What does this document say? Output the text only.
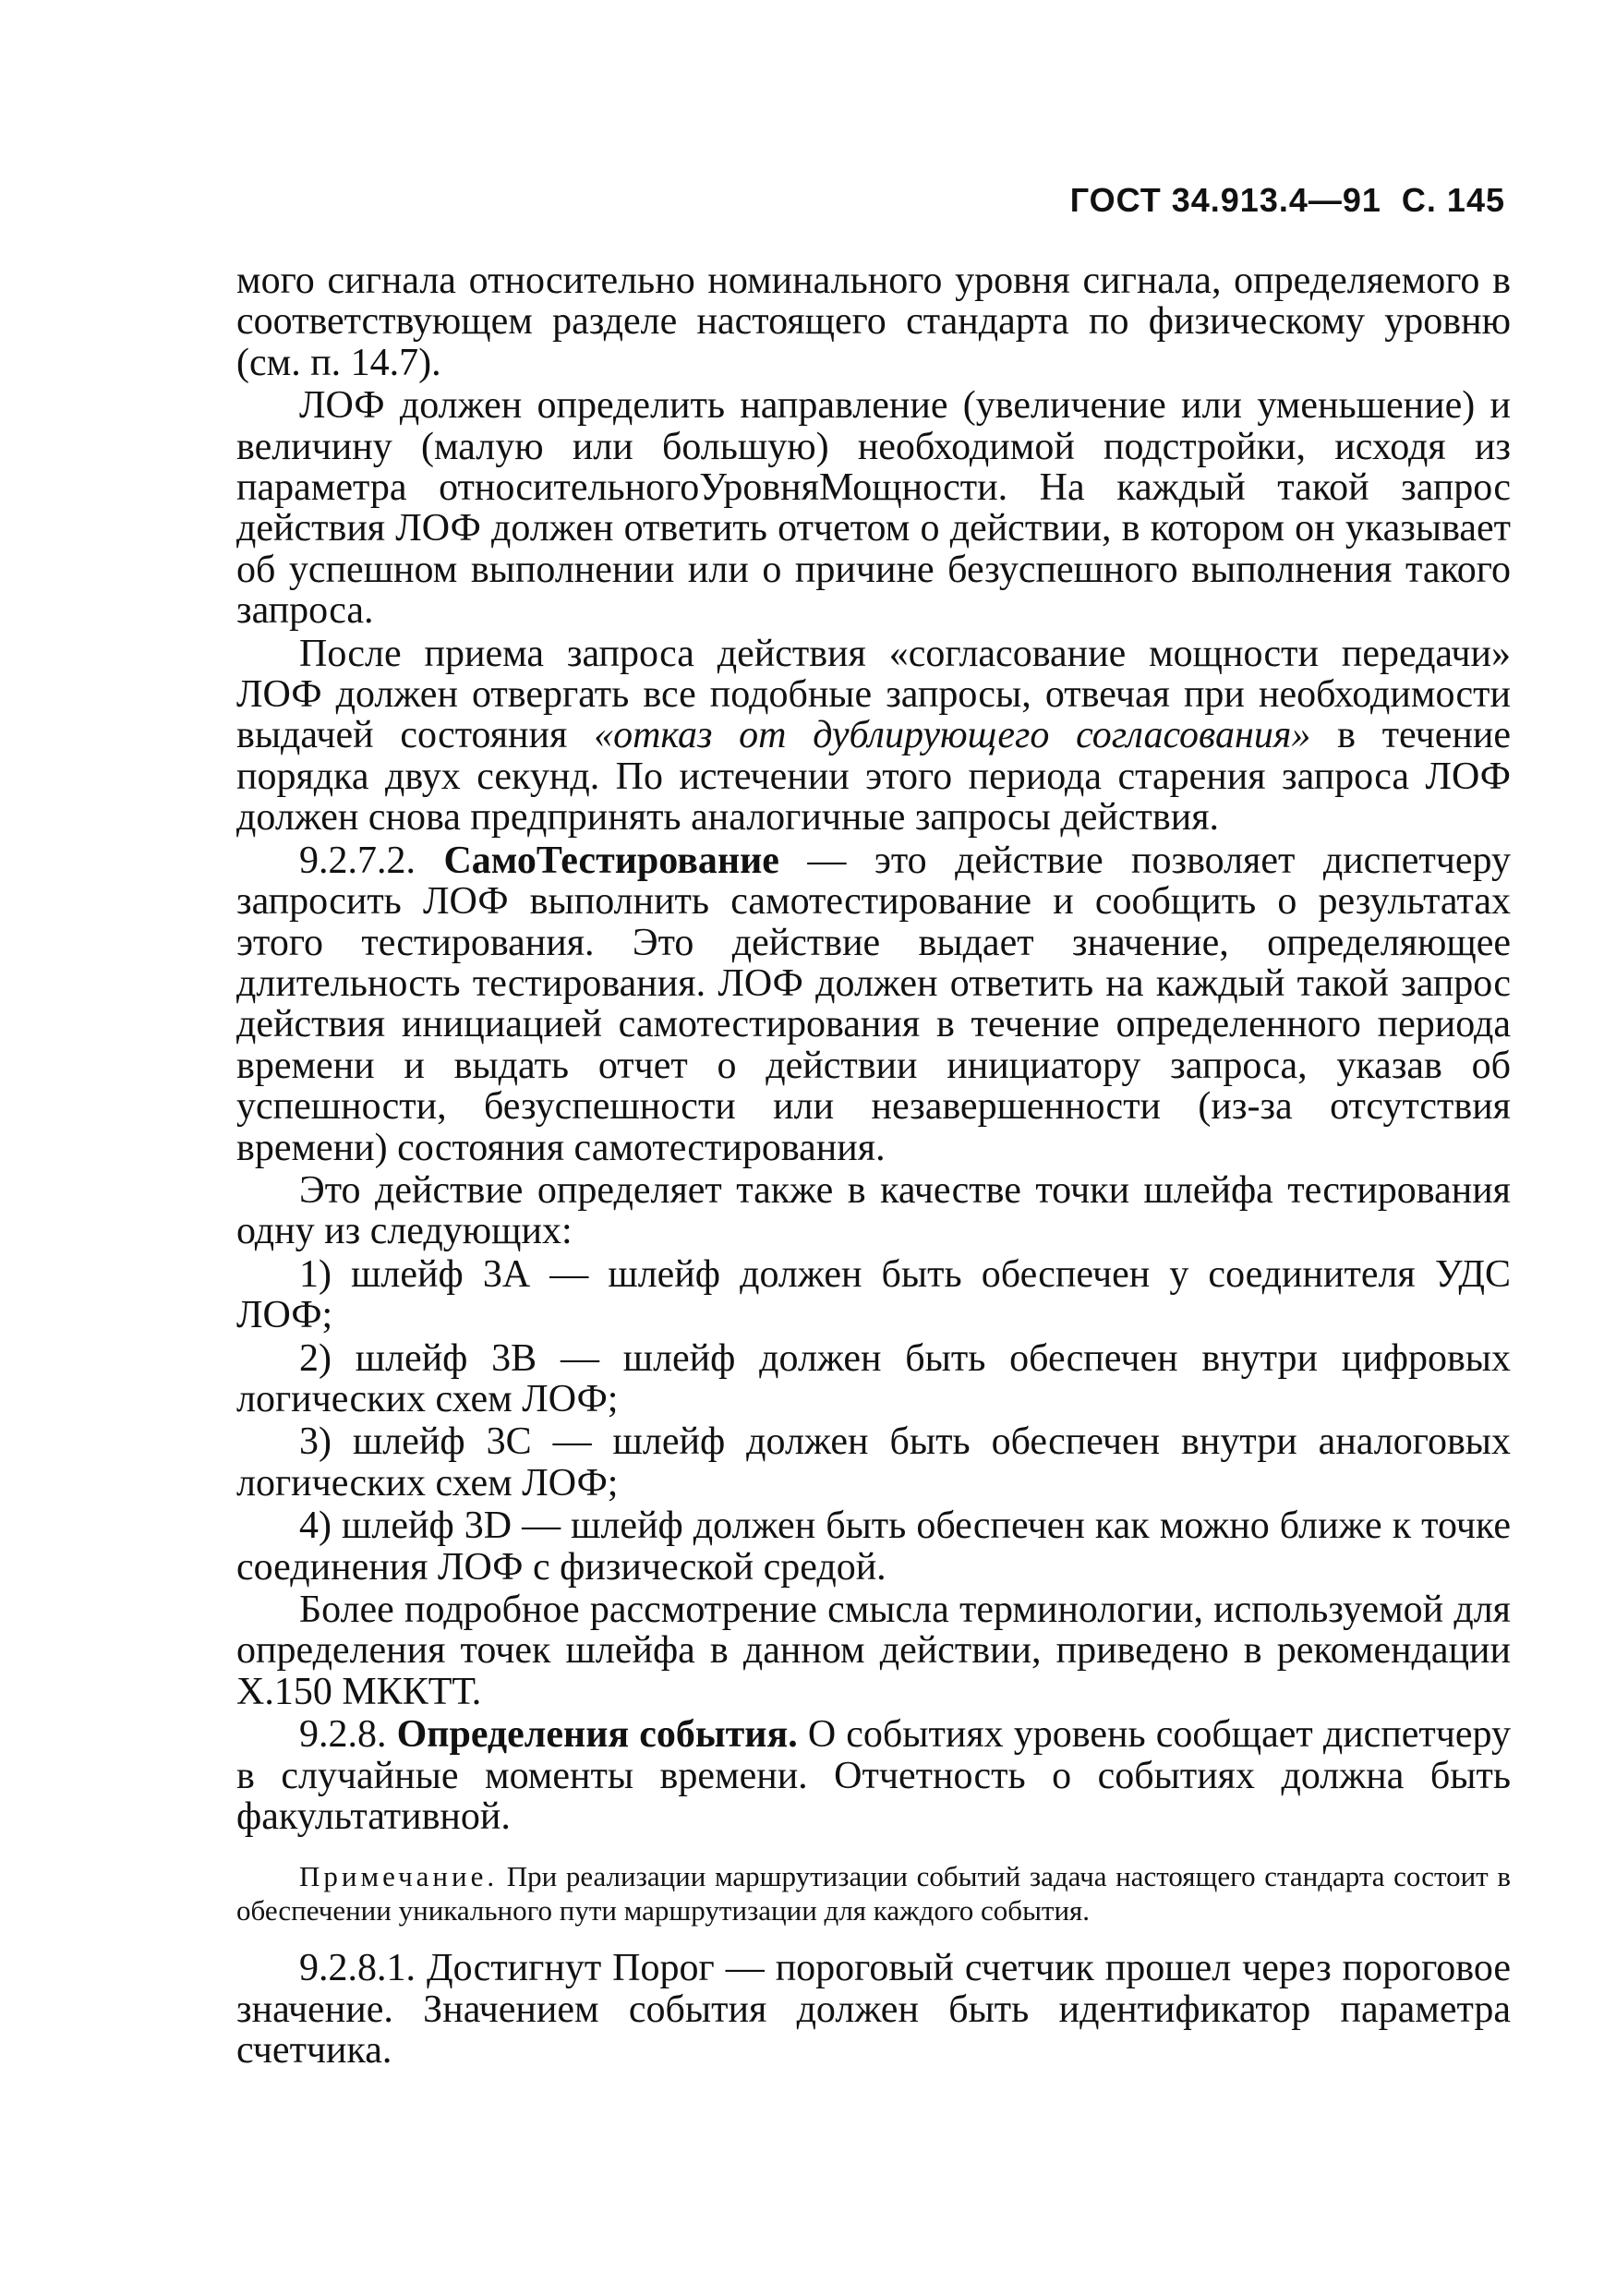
ГОСТ 34.913.4—91 С. 145

мого сигнала относительно номинального уровня сигнала, определяемого в соответствующем разделе настоящего стандарта по физическому уровню (см. п. 14.7).

ЛОФ должен определить направление (увеличение или уменьшение) и величину (малую или большую) необходимой подстройки, исходя из параметра относительногоУровняМощности. На каждый такой запрос действия ЛОФ должен ответить отчетом о действии, в котором он указывает об успешном выполнении или о причине безуспешного выполнения такого запроса.

После приема запроса действия «согласование мощности передачи» ЛОФ должен отвергать все подобные запросы, отвечая при необходимости выдачей состояния «отказ от дублирующего согласования» в течение порядка двух секунд. По истечении этого периода старения запроса ЛОФ должен снова предпринять аналогичные запросы действия.

9.2.7.2. СамоТестирование — это действие позволяет диспетчеру запросить ЛОФ выполнить самотестирование и сообщить о результатах этого тестирования. Это действие выдает значение, определяющее длительность тестирования. ЛОФ должен ответить на каждый такой запрос действия инициацией самотестирования в течение определенного периода времени и выдать отчет о действии инициатору запроса, указав об успешности, безуспешности или незавершенности (из-за отсутствия времени) состояния самотестирования.

Это действие определяет также в качестве точки шлейфа тестирования одну из следующих:

1) шлейф 3А — шлейф должен быть обеспечен у соединителя УДС ЛОФ;

2) шлейф 3В — шлейф должен быть обеспечен внутри цифровых логических схем ЛОФ;

3) шлейф 3С — шлейф должен быть обеспечен внутри аналоговых логических схем ЛОФ;

4) шлейф 3D — шлейф должен быть обеспечен как можно ближе к точке соединения ЛОФ с физической средой.

Более подробное рассмотрение смысла терминологии, используемой для определения точек шлейфа в данном действии, приведено в рекомендации Х.150 МККТТ.

9.2.8. Определения события. О событиях уровень сообщает диспетчеру в случайные моменты времени. Отчетность о событиях должна быть факультативной.

Примечание. При реализации маршрутизации событий задача настоящего стандарта состоит в обеспечении уникального пути маршрутизации для каждого события.

9.2.8.1. Достигнут Порог — пороговый счетчик прошел через пороговое значение. Значением события должен быть идентификатор параметра счетчика.
